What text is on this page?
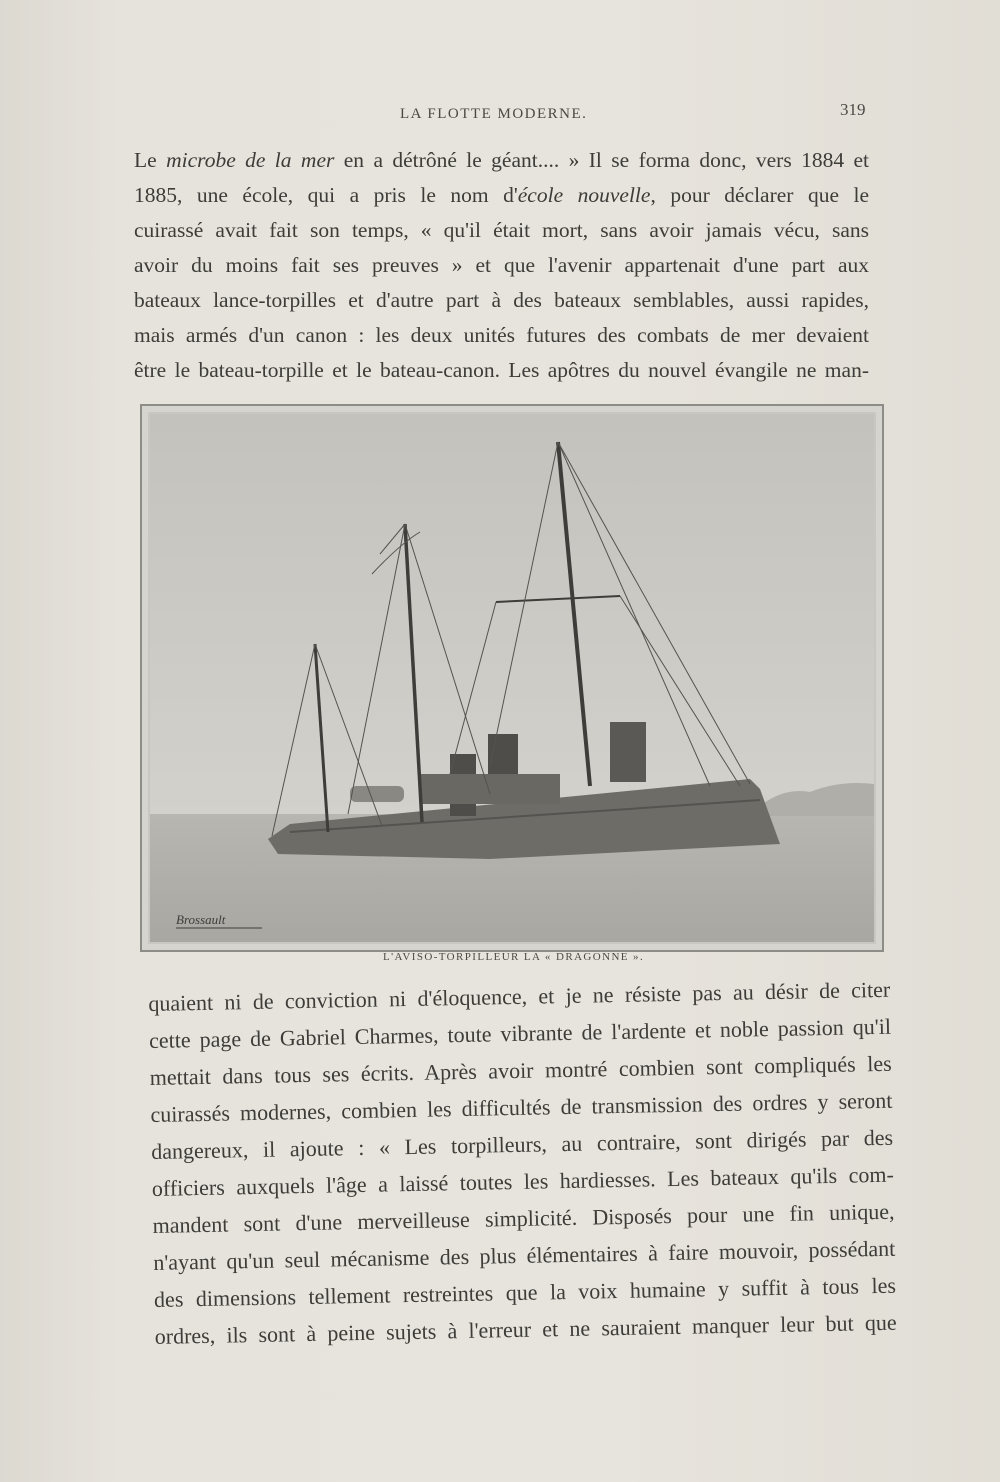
LA FLOTTE MODERNE.	319
Le microbe de la mer en a détrôné le géant.... » Il se forma donc, vers 1884 et
1885, une école, qui a pris le nom d'école nouvelle, pour déclarer que le
cuirassé avait fait son temps, « qu'il était mort, sans avoir jamais vécu, sans
avoir du moins fait ses preuves » et que l'avenir appartenait d'une part aux
bateaux lance-torpilles et d'autre part à des bateaux semblables, aussi rapides,
mais armés d'un canon : les deux unités futures des combats de mer devaient
être le bateau-torpille et le bateau-canon. Les apôtres du nouvel évangile ne man-
Brossault
L'AVISO-TORPILLEUR LA « DRAGONNE ».
quaient ni de conviction ni d'éloquence, et je ne résiste pas au désir de citer
cette page de Gabriel Charmes, toute vibrante de l'ardente et noble passion qu'il
mettait dans tous ses écrits. Après avoir montré combien sont compliqués les
cuirassés modernes, combien les difficultés de transmission des ordres y seront
dangereux, il ajoute : « Les torpilleurs, au contraire, sont dirigés par des
officiers auxquels l'âge a laissé toutes les hardiesses. Les bateaux qu'ils com-
mandent sont d'une merveilleuse simplicité. Disposés pour une fin unique,
n'ayant qu'un seul mécanisme des plus élémentaires à faire mouvoir, possédant
des dimensions tellement restreintes que la voix humaine y suffit à tous les
ordres, ils sont à peine sujets à l'erreur et ne sauraient manquer leur but que
